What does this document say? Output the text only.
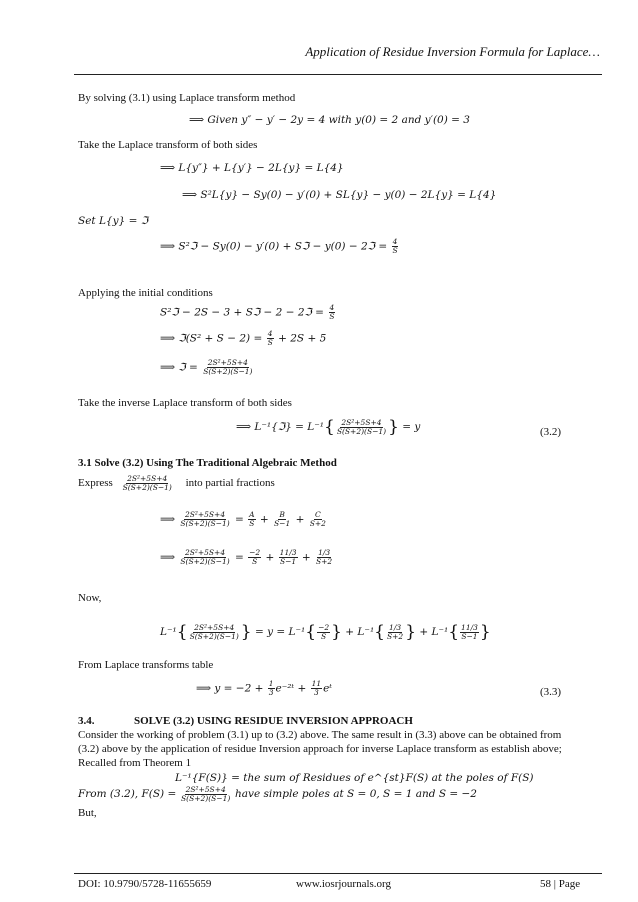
Application of Residue Inversion Formula for Laplace…
By solving (3.1) using Laplace transform method
⟹ Given y″ − y′ − 2y = 4 with y(0) = 2 and y′(0) = 3
Take the Laplace transform of both sides
⟹ L{y″} + L{y′} − 2L{y} = L{4}
⟹ S²L{y} − Sy(0) − y′(0) + SL{y} − y(0) − 2L{y} = L{4}
Set L{y} = ℑ
⟹ S²ℑ − Sy(0) − y′(0) + Sℑ − y(0) − 2ℑ = $\frac{4}{S}$
Applying the initial conditions
S²ℑ − 2S − 3 + Sℑ − 2 − 2ℑ = $\frac{4}{S}$
⟹ ℑ(S² + $S - 2) = \frac{4}{S} + 2S + 5$
⟹ ℑ = $\frac{\text{2S²+5S+4}}{S(S+2)(S-1)}$
Take the inverse Laplace transform of both sides
⟹ L⁻¹{ℑ} = $L^{-1}\{ \frac{\text{2S²+5S+4}}{S(S+2)(S-1)}$ } = y	(3.2)
3.1 Solve (3.2) Using The Traditional Algebraic Method
Express $\frac{\text{2S²+5S+4}}{S(S+2)(S-1)}$ into partial fractions
⟹ $\frac{\text{2S²+5S+4}}{S(S+2)(S-1)} = \frac{A}{S} + \frac{B}{S-1} + \frac{C}{S+2}$
⟹ $\frac{\text{2S²+5S+4}}{S(S+2)(S-1)} = \frac{-2}{S} + \frac{11/3}{S-1} + \frac{1/3}{S+2}$
Now,
$L^{-1}\{ \frac{\text{2S²+5S+4}}{S(S+2)(S-1)}$ } = $y = L^{-1}\{ \frac{-2}{S}$ } + $L^{-1}\{ \frac{1/3}{S+2}$ } + $L^{-1}\{ \frac{11/3}{S-1}$ }
From Laplace transforms table
⟹ $y = -2 + \frac{1}{3}$ e⁻²ᵗ + $\frac{11}{3}$ eᵗ	(3.3)
3.4.	SOLVE (3.2) USING RESIDUE INVERSION APPROACH
Consider the working of problem (3.1) up to (3.2) above. The same result in (3.3) above can be obtained from
(3.2) above by the application of residue Inversion approach for inverse Laplace transform as establish above;
Recalled from Theorem 1
L⁻¹{F(S)} = the sum of Residues of e^{st}F(S) at the poles of F(S)
From (3.2), $F(S) = \frac{\text{2S²+5S+4}}{S(S+2)(S-1)}$ have simple poles at S = 0, S = 1 and S = −2
But,
DOI: 10.9790/5728-11655659	www.iosrjournals.org	58 | Page
